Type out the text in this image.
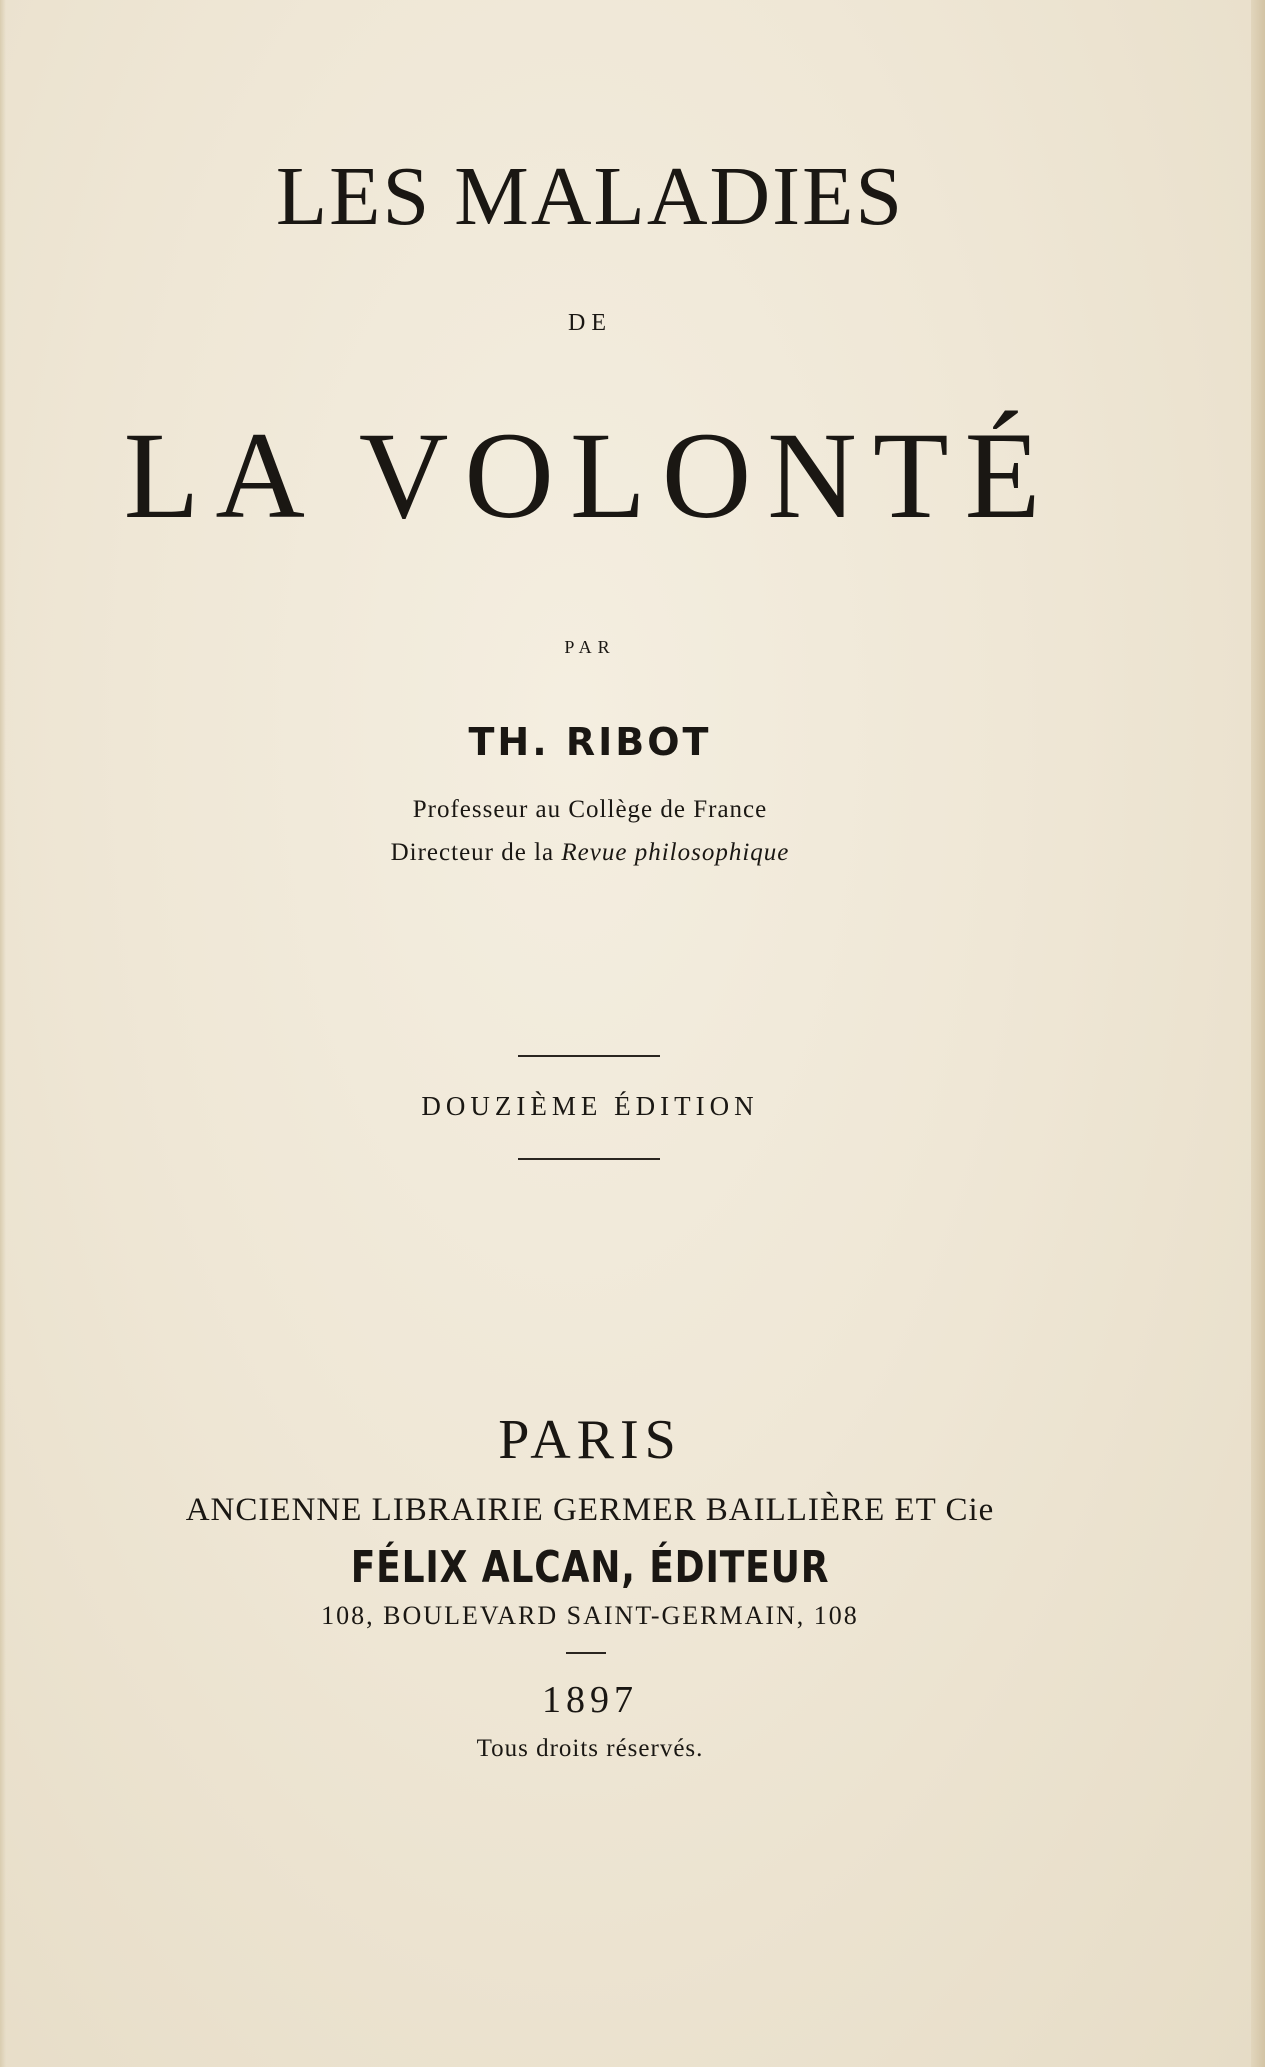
LES MALADIES
DE
LA VOLONTÉ
PAR
TH. RIBOT
Professeur au Collège de France
Directeur de la Revue philosophique
DOUZIÈME ÉDITION
PARIS
ANCIENNE LIBRAIRIE GERMER BAILLIÈRE ET Cie
FÉLIX ALCAN, ÉDITEUR
108, BOULEVARD SAINT-GERMAIN, 108
1897
Tous droits réservés.
